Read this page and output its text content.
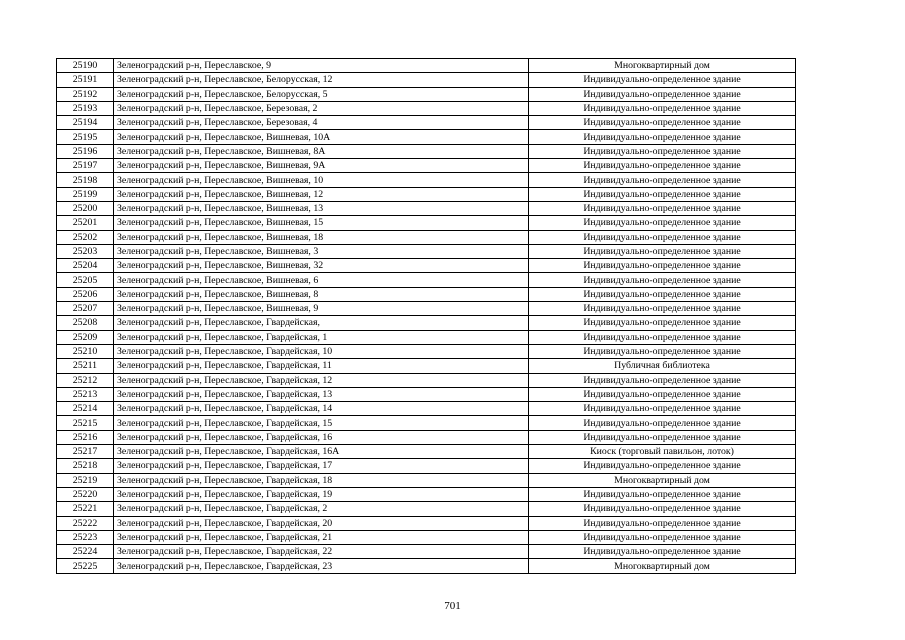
25190	Зеленоградский р-н, Переславское, 9	Многоквартирный дом
25191	Зеленоградский р-н, Переславское, Белорусская, 12	Индивидуально-определенное здание
25192	Зеленоградский р-н, Переславское, Белорусская, 5	Индивидуально-определенное здание
25193	Зеленоградский р-н, Переславское, Березовая, 2	Индивидуально-определенное здание
25194	Зеленоградский р-н, Переславское, Березовая, 4	Индивидуально-определенное здание
25195	Зеленоградский р-н, Переславское, Вишневая, 10А	Индивидуально-определенное здание
25196	Зеленоградский р-н, Переславское, Вишневая, 8А	Индивидуально-определенное здание
25197	Зеленоградский р-н, Переславское, Вишневая, 9А	Индивидуально-определенное здание
25198	Зеленоградский р-н, Переславское, Вишневая, 10	Индивидуально-определенное здание
25199	Зеленоградский р-н, Переславское, Вишневая, 12	Индивидуально-определенное здание
25200	Зеленоградский р-н, Переславское, Вишневая, 13	Индивидуально-определенное здание
25201	Зеленоградский р-н, Переславское, Вишневая, 15	Индивидуально-определенное здание
25202	Зеленоградский р-н, Переславское, Вишневая, 18	Индивидуально-определенное здание
25203	Зеленоградский р-н, Переславское, Вишневая, 3	Индивидуально-определенное здание
25204	Зеленоградский р-н, Переславское, Вишневая, 32	Индивидуально-определенное здание
25205	Зеленоградский р-н, Переславское, Вишневая, 6	Индивидуально-определенное здание
25206	Зеленоградский р-н, Переславское, Вишневая, 8	Индивидуально-определенное здание
25207	Зеленоградский р-н, Переславское, Вишневая, 9	Индивидуально-определенное здание
25208	Зеленоградский р-н, Переславское, Гвардейская,	Индивидуально-определенное здание
25209	Зеленоградский р-н, Переславское, Гвардейская, 1	Индивидуально-определенное здание
25210	Зеленоградский р-н, Переславское, Гвардейская, 10	Индивидуально-определенное здание
25211	Зеленоградский р-н, Переславское, Гвардейская, 11	Публичная библиотека
25212	Зеленоградский р-н, Переславское, Гвардейская, 12	Индивидуально-определенное здание
25213	Зеленоградский р-н, Переславское, Гвардейская, 13	Индивидуально-определенное здание
25214	Зеленоградский р-н, Переславское, Гвардейская, 14	Индивидуально-определенное здание
25215	Зеленоградский р-н, Переславское, Гвардейская, 15	Индивидуально-определенное здание
25216	Зеленоградский р-н, Переславское, Гвардейская, 16	Индивидуально-определенное здание
25217	Зеленоградский р-н, Переславское, Гвардейская, 16А	Киоск (торговый павильон, лоток)
25218	Зеленоградский р-н, Переславское, Гвардейская, 17	Индивидуально-определенное здание
25219	Зеленоградский р-н, Переславское, Гвардейская, 18	Многоквартирный дом
25220	Зеленоградский р-н, Переславское, Гвардейская, 19	Индивидуально-определенное здание
25221	Зеленоградский р-н, Переславское, Гвардейская, 2	Индивидуально-определенное здание
25222	Зеленоградский р-н, Переславское, Гвардейская, 20	Индивидуально-определенное здание
25223	Зеленоградский р-н, Переславское, Гвардейская, 21	Индивидуально-определенное здание
25224	Зеленоградский р-н, Переславское, Гвардейская, 22	Индивидуально-определенное здание
25225	Зеленоградский р-н, Переславское, Гвардейская, 23	Многоквартирный дом
701
